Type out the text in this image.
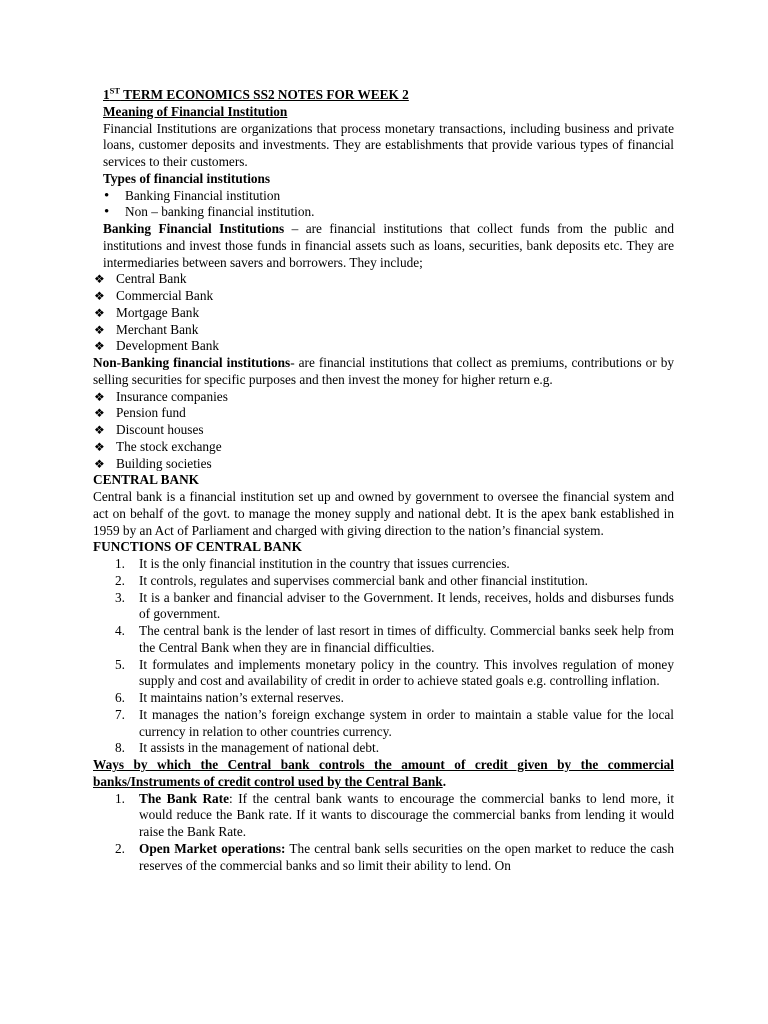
1ST TERM ECONOMICS SS2 NOTES FOR WEEK 2

Meaning of Financial Institution

Financial Institutions are organizations that process monetary transactions, including business and private loans, customer deposits and investments. They are establishments that provide various types of financial services to their customers.

Types of financial institutions

• Banking Financial institution
• Non – banking financial institution.

Banking Financial Institutions – are financial institutions that collect funds from the public and institutions and invest those funds in financial assets such as loans, securities, bank deposits etc. They are intermediaries between savers and borrowers. They include;

❖ Central Bank
❖ Commercial Bank
❖ Mortgage Bank
❖ Merchant Bank
❖ Development Bank

Non-Banking financial institutions- are financial institutions that collect as premiums, contributions or by selling securities for specific purposes and then invest the money for higher return e.g.

❖ Insurance companies
❖ Pension fund
❖ Discount houses
❖ The stock exchange
❖ Building societies

CENTRAL BANK

Central bank is a financial institution set up and owned by government to oversee the financial system and act on behalf of the govt. to manage the money supply and national debt. It is the apex bank established in 1959 by an Act of Parliament and charged with giving direction to the nation’s financial system.

FUNCTIONS OF CENTRAL BANK

1. It is the only financial institution in the country that issues currencies.
2. It controls, regulates and supervises commercial bank and other financial institution.
3. It is a banker and financial adviser to the Government. It lends, receives, holds and disburses funds of government.
4. The central bank is the lender of last resort in times of difficulty. Commercial banks seek help from the Central Bank when they are in financial difficulties.
5. It formulates and implements monetary policy in the country. This involves regulation of money supply and cost and availability of credit in order to achieve stated goals e.g. controlling inflation.
6. It maintains nation’s external reserves.
7. It manages the nation’s foreign exchange system in order to maintain a stable value for the local currency in relation to other countries currency.
8. It assists in the management of national debt.

Ways by which the Central bank controls the amount of credit given by the commercial banks/Instruments of credit control used by the Central Bank.

1. The Bank Rate: If the central bank wants to encourage the commercial banks to lend more, it would reduce the Bank rate. If it wants to discourage the commercial banks from lending it would raise the Bank Rate.
2. Open Market operations: The central bank sells securities on the open market to reduce the cash reserves of the commercial banks and so limit their ability to lend. On
